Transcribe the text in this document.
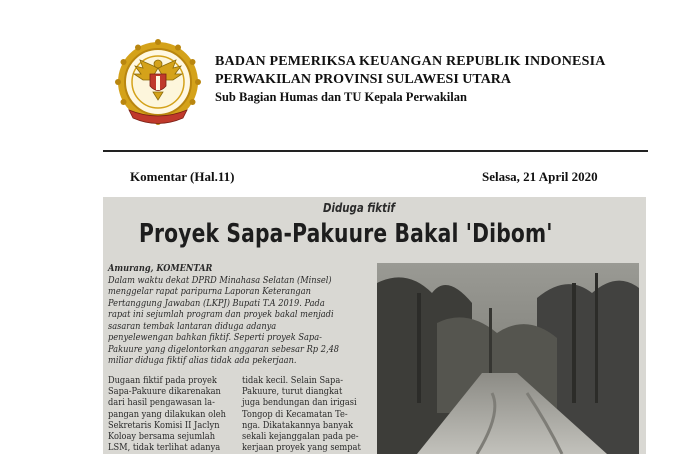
BADAN PEMERIKSA KEUANGAN REPUBLIK INDONESIA
PERWAKILAN PROVINSI SULAWESI UTARA
Sub Bagian Humas dan TU Kepala Perwakilan
Komentar (Hal.11)	Selasa, 21 April 2020
Diduga fiktif
Proyek Sapa-Pakuure Bakal 'Dibom'

Amurang, KOMENTAR

Dalam waktu dekat DPRD Minahasa Selatan (Minsel)

menggelar rapat paripurna Laporan Keterangan

Pertanggung Jawaban (LKPJ) Bupati T.A 2019. Pada

rapat ini sejumlah program dan proyek bakal menjadi

sasaran tembak lantaran diduga adanya

penyelewengan bahkan fiktif. Seperti proyek Sapa-

Pakuure yang digelontorkan anggaran sebesar Rp 2,48

miliar diduga fiktif alias tidak ada pekerjaan.

Dugaan fiktif pada proyek

Sapa-Pakuure dikarenakan

dari hasil pengawasan la-

pangan yang dilakukan oleh

Sekretaris Komisi II Jaclyn

Koloay bersama sejumlah

LSM, tidak terlihat adanya

tidak kecil. Selain Sapa-

Pakuure, turut diangkat

juga bendungan dan irigasi

Tongop di Kecamatan Te-

nga. Dikatakannya banyak

sekali kejanggalan pada pe-

kerjaan proyek yang sempat
